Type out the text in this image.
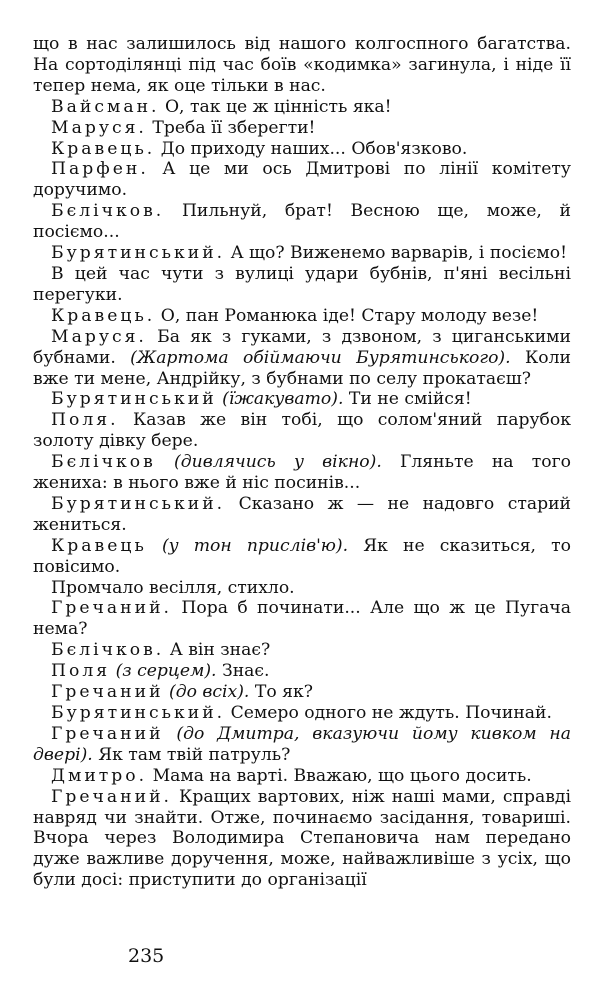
що в нас залишилось від нашого колгоспного багатства. На сортоділянці під час боїв «кодимка» загинула, і ніде її тепер нема, як оце тільки в нас.

Вайсман. О, так це ж цінність яка!

Маруся. Треба її зберегти!

Кравець. До приходу наших... Обов'язково.

Парфен. А це ми ось Дмитрові по лінії комітету доручимо.

Бєлічков. Пильнуй, брат! Весною ще, може, й посіємо...

Бурятинський. А що? Виженемо варварів, і посіємо!

В цей час чути з вулиці удари бубнів, п'яні весільні перегуки.

Кравець. О, пан Романюка іде! Стару молоду везе!

Маруся. Ба як з гуками, з дзвоном, з циганськими бубнами. (Жартома обіймаючи Бурятинського). Коли вже ти мене, Андрійку, з бубнами по селу прокатаєш?

Бурятинський (їжакувато). Ти не смійся!

Поля. Казав же він тобі, що солом'яний парубок золоту дівку бере.

Бєлічков (дивлячись у вікно). Гляньте на того жениха: в нього вже й ніс посинів...

Бурятинський. Сказано ж — не надовго старий жениться.

Кравець (у тон прислів'ю). Як не сказиться, то повісимо.

Промчало весілля, стихло.

Гречаний. Пора б починати... Але що ж це Пугача нема?

Бєлічков. А він знає?

Поля (з серцем). Знає.

Гречаний (до всіх). То як?

Бурятинський. Семеро одного не ждуть. Починай.

Гречаний (до Дмитра, вказуючи йому кивком на двері). Як там твій патруль?

Дмитро. Мама на варті. Вважаю, що цього досить.

Гречаний. Кращих вартових, ніж наші мами, справді навряд чи знайти. Отже, починаємо засідання, товариші. Вчора через Володимира Степановича нам передано дуже важливе доручення, може, найважливіше з усіх, що були досі: приступити до організації

235
